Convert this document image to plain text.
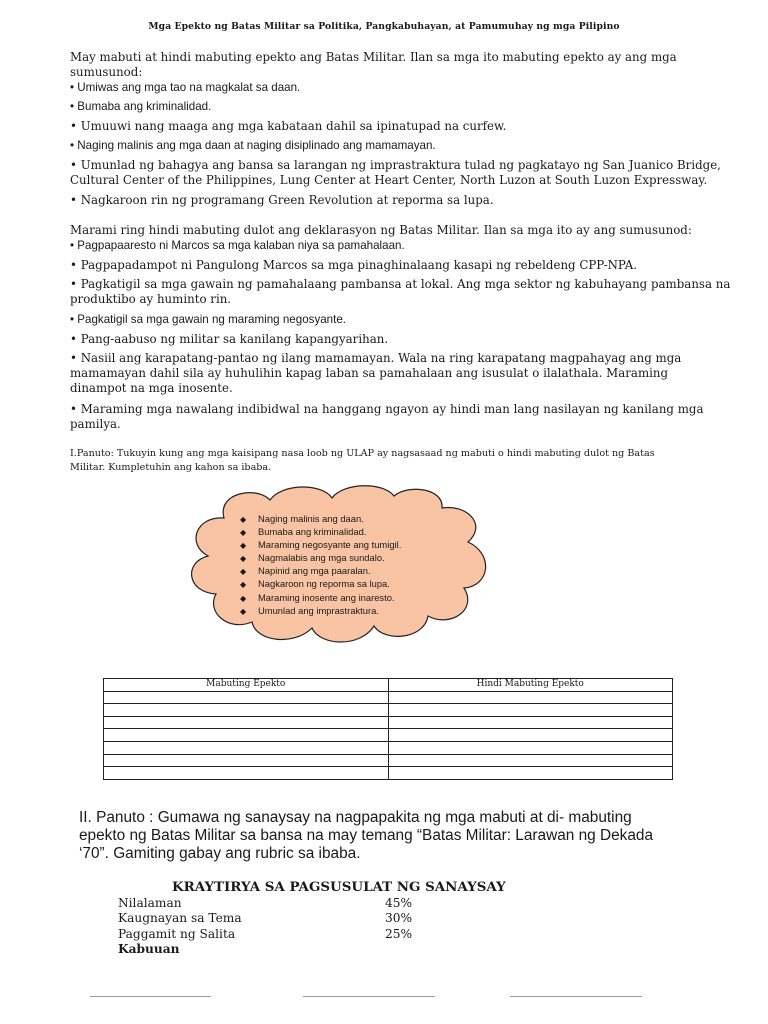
Mga Epekto ng Batas Militar sa Politika, Pangkabuhayan, at Pamumuhay ng mga Pilipino
May mabuti at hindi mabuting epekto ang Batas Militar. Ilan sa mga ito mabuting epekto ay ang mga
sumusunod:
• Umiwas ang mga tao na magkalat sa daan.
• Bumaba ang kriminalidad.
• Umuuwi nang maaga ang mga kabataan dahil sa ipinatupad na curfew.
• Naging malinis ang mga daan at naging disiplinado ang mamamayan.
• Umunlad ng bahagya ang bansa sa larangan ng imprastraktura tulad ng pagkatayo ng San Juanico Bridge,
Cultural Center of the Philippines, Lung Center at Heart Center, North Luzon at South Luzon Expressway.
• Nagkaroon rin ng programang Green Revolution at reporma sa lupa.
Marami ring hindi mabuting dulot ang deklarasyon ng Batas Militar. Ilan sa mga ito ay ang sumusunod:
• Pagpapaaresto ni Marcos sa mga kalaban niya sa pamahalaan.
• Pagpapadampot ni Pangulong Marcos sa mga pinaghinalaang kasapi ng rebeldeng CPP-NPA.
• Pagkatigil sa mga gawain ng pamahalaang pambansa at lokal. Ang mga sektor ng kabuhayang pambansa na
produktibo ay huminto rin.
• Pagkatigil sa mga gawain ng maraming negosyante.
• Pang-aabuso ng militar sa kanilang kapangyarihan.
• Nasiil ang karapatang-pantao ng ilang mamamayan. Wala na ring karapatang magpahayag ang mga
mamamayan dahil sila ay huhulihin kapag laban sa pamahalaan ang isusulat o ilalathala. Maraming
dinampot na mga inosente.
• Maraming mga nawalang indibidwal na hanggang ngayon ay hindi man lang nasilayan ng kanilang mga
pamilya.
I.Panuto: Tukuyin kung ang mga kaisipang nasa loob ng ULAP ay nagsasaad ng mabuti o hindi mabuting dulot ng Batas
Militar. Kumpletuhin ang kahon sa ibaba.
◆ Naging malinis ang daan.
◆ Bumaba ang kriminalidad.
◆ Maraming negosyante ang tumigil.
◆ Nagmalabis ang mga sundalo.
◆ Napinid ang mga paaralan.
◆ Nagkaroon ng reporma sa lupa.
◆ Maraming inosente ang inaresto.
◆ Umunlad ang imprastraktura.
Mabuting Epekto	Hindi Mabuting Epekto

II. Panuto : Gumawa ng sanaysay na nagpapakita ng mga mabuti at di- mabuting
epekto ng Batas Militar sa bansa na may temang “Batas Militar: Larawan ng Dekada
‘70”. Gamiting gabay ang rubric sa ibaba.
KRAYTIRYA SA PAGSUSULAT NG SANAYSAY
Nilalaman	45%
Kaugnayan sa Tema	30%
Paggamit ng Salita	25%
Kabuuan
______________________	________________________	________________________
